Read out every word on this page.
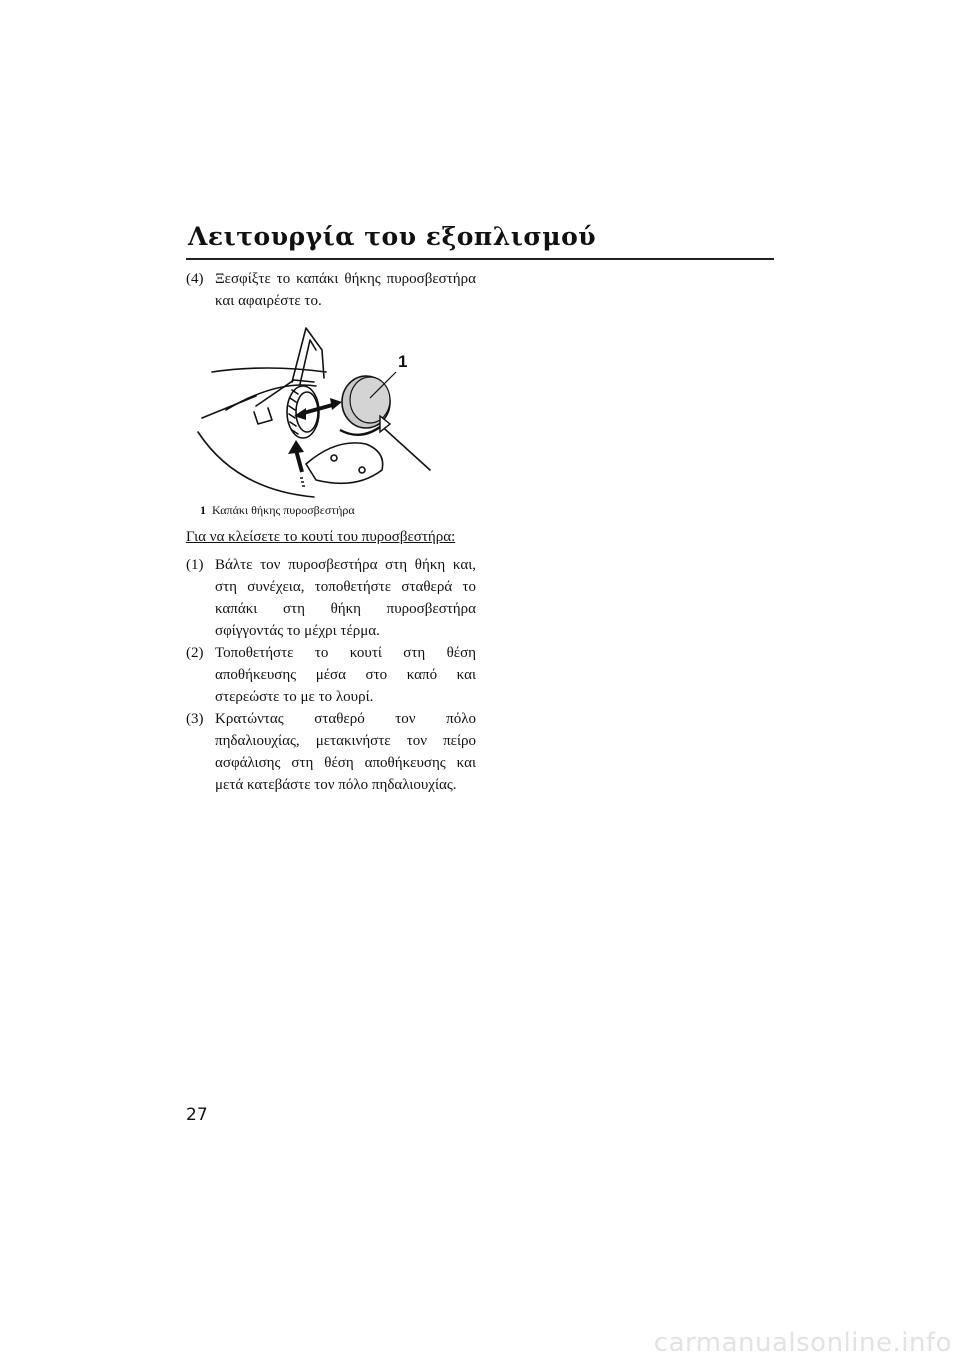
Λειτουργία του εξοπλισμού
(4) Ξεσφίξτε το καπάκι θήκης πυροσβεστήρα και αφαιρέστε το.
1
1 Καπάκι θήκης πυροσβεστήρα
Για να κλείσετε το κουτί του πυροσβεστήρα:
(1) Βάλτε τον πυροσβεστήρα στη θήκη και, στη συνέχεια, τοποθετήστε σταθερά το καπάκι στη θήκη πυροσβεστήρα σφίγγοντάς το μέχρι τέρμα.
(2) Τοποθετήστε το κουτί στη θέση αποθήκευσης μέσα στο καπό και στερεώστε το με το λουρί.
(3) Κρατώντας σταθερό τον πόλο πηδαλιουχίας, μετακινήστε τον πείρο ασφάλισης στη θέση αποθήκευσης και μετά κατεβάστε τον πόλο πηδαλιουχίας.
27
carmanualsonline.info
